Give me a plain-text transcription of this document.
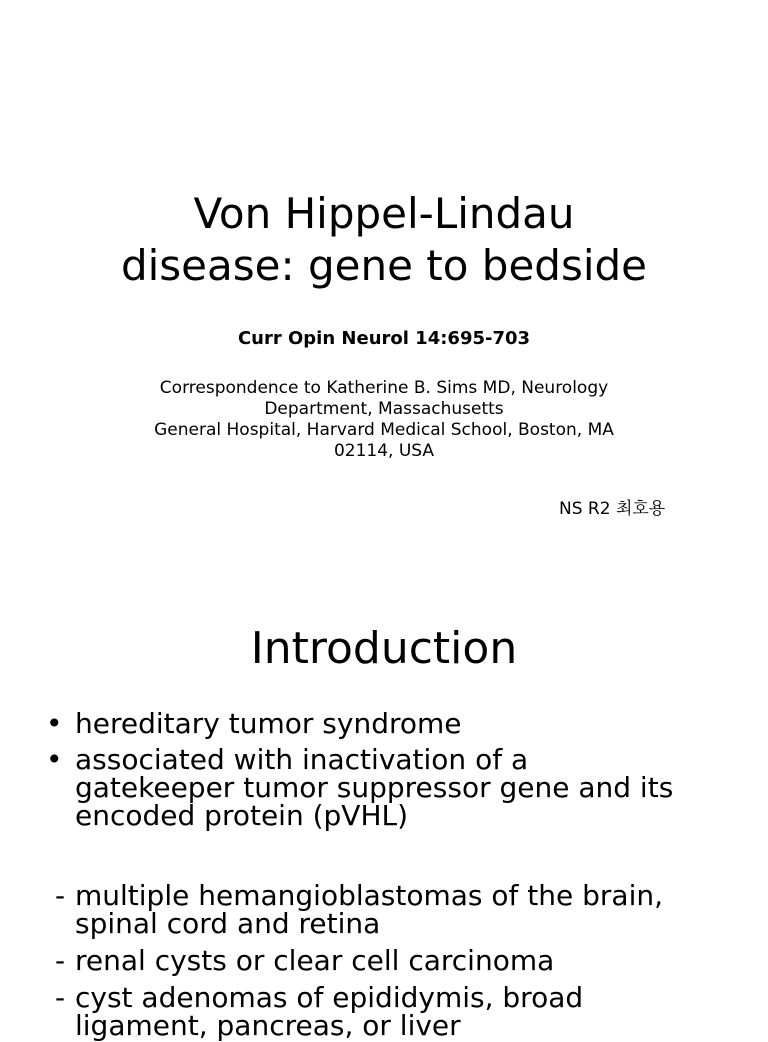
Von Hippel-Lindau
disease: gene to bedside
Curr Opin Neurol 14:695-703
Correspondence to Katherine B. Sims MD, Neurology
Department, Massachusetts
General Hospital, Harvard Medical School, Boston, MA
02114, USA
NS R2 최호용
Introduction
• hereditary tumor syndrome
• associated with inactivation of a
gatekeeper tumor suppressor gene and its
encoded protein (pVHL)
- multiple hemangioblastomas of the brain,
spinal cord and retina
- renal cysts or clear cell carcinoma
- cyst adenomas of epididymis, broad
ligament, pancreas, or liver
